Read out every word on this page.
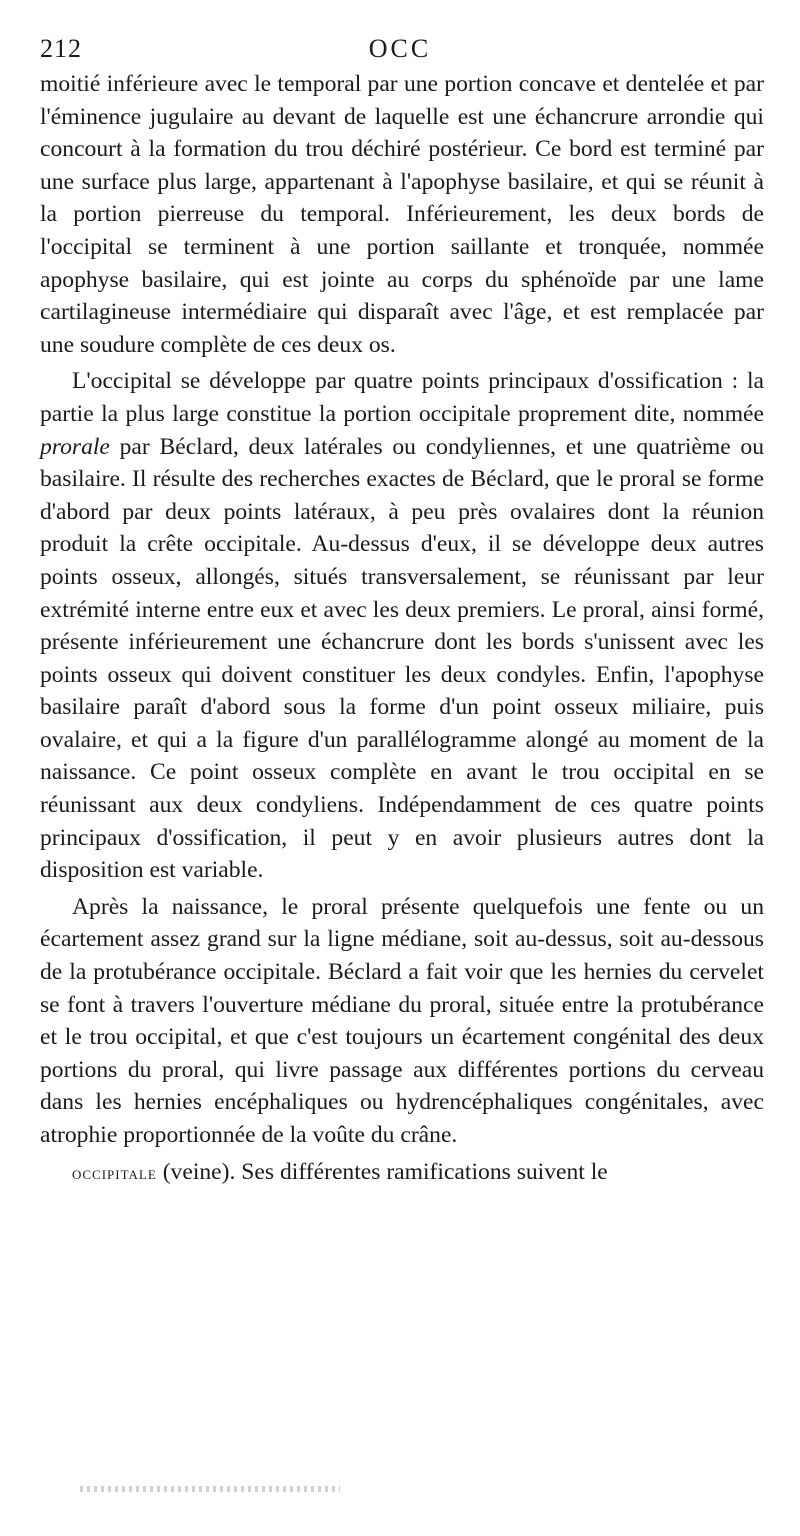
212	OCC

moitié inférieure avec le temporal par une portion concave et dentelée et par l'éminence jugulaire au devant de laquelle est une échancrure arrondie qui concourt à la formation du trou déchiré postérieur. Ce bord est terminé par une surface plus large, appartenant à l'apophyse basilaire, et qui se réunit à la portion pierreuse du temporal. Inférieurement, les deux bords de l'occipital se terminent à une portion saillante et tronquée, nommée apophyse basilaire, qui est jointe au corps du sphénoïde par une lame cartilagineuse intermédiaire qui disparaît avec l'âge, et est remplacée par une soudure complète de ces deux os.

L'occipital se développe par quatre points principaux d'ossification : la partie la plus large constitue la portion occipitale proprement dite, nommée prorale par Béclard, deux latérales ou condyliennes, et une quatrième ou basilaire. Il résulte des recherches exactes de Béclard, que le proral se forme d'abord par deux points latéraux, à peu près ovalaires dont la réunion produit la crête occipitale. Au-dessus d'eux, il se développe deux autres points osseux, allongés, situés transversalement, se réunissant par leur extrémité interne entre eux et avec les deux premiers. Le proral, ainsi formé, présente inférieurement une échancrure dont les bords s'unissent avec les points osseux qui doivent constituer les deux condyles. Enfin, l'apophyse basilaire paraît d'abord sous la forme d'un point osseux miliaire, puis ovalaire, et qui a la figure d'un parallélogramme alongé au moment de la naissance. Ce point osseux complète en avant le trou occipital en se réunissant aux deux condyliens. Indépendamment de ces quatre points principaux d'ossification, il peut y en avoir plusieurs autres dont la disposition est variable.

Après la naissance, le proral présente quelquefois une fente ou un écartement assez grand sur la ligne médiane, soit au-dessus, soit au-dessous de la protubérance occipitale. Béclard a fait voir que les hernies du cervelet se font à travers l'ouverture médiane du proral, située entre la protubérance et le trou occipital, et que c'est toujours un écartement congénital des deux portions du proral, qui livre passage aux différentes portions du cerveau dans les hernies encéphaliques ou hydrencéphaliques congénitales, avec atrophie proportionnée de la voûte du crâne.

occipitale (veine). Ses différentes ramifications suivent le
